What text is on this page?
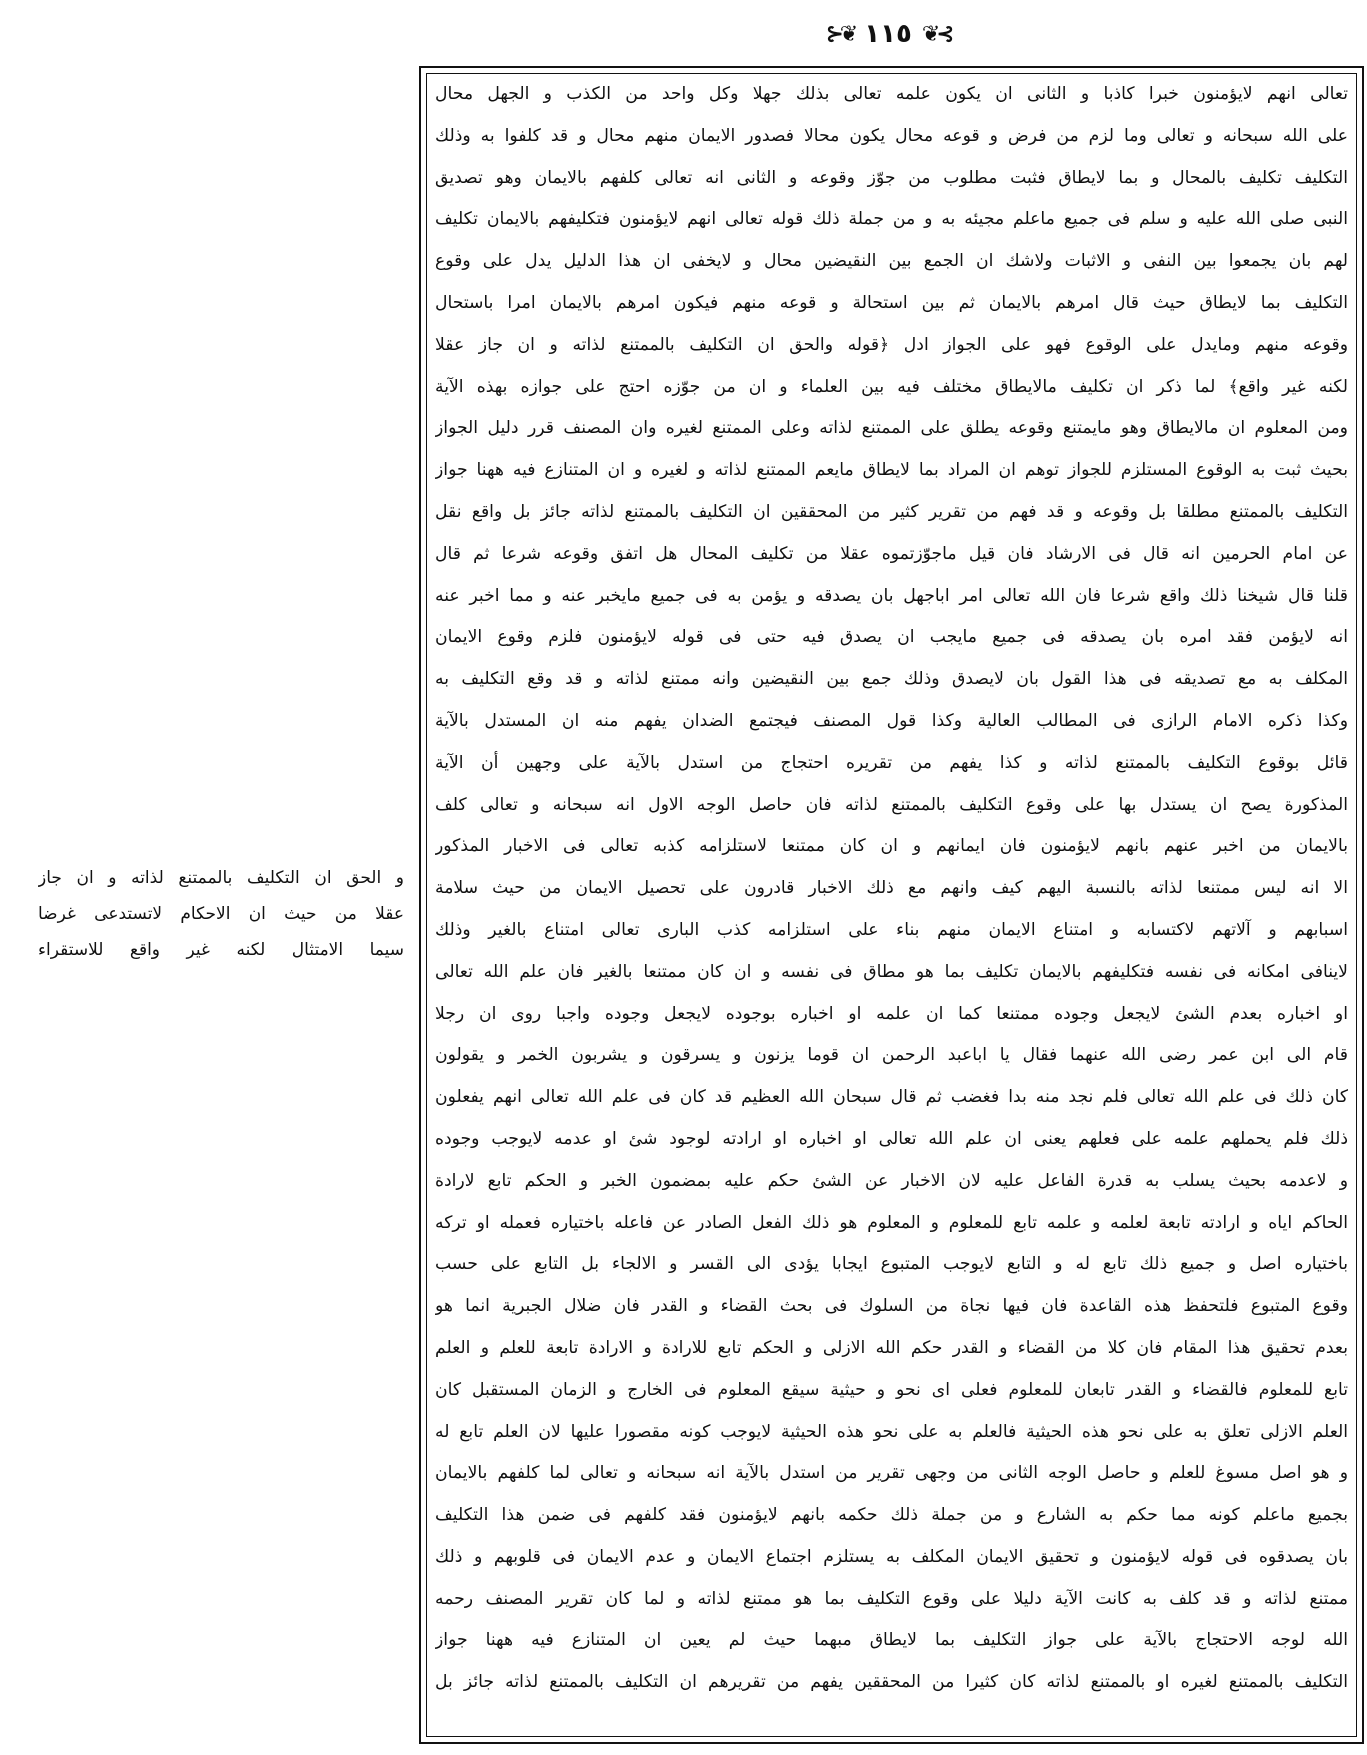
⊱❦
١١٥
❦⊰
تعالى انهم لايؤمنون خبرا كاذبا و الثانى ان يكون علمه تعالى بذلك جهلا وكل واحد من الكذب و الجهل محال
على الله سبحانه و تعالى وما لزم من فرض و قوعه محال يكون محالا فصدور الايمان منهم محال و قد كلفوا به وذلك
التكليف تكليف بالمحال و بما لايطاق فثبت مطلوب من جوّز وقوعه و الثانى انه تعالى كلفهم بالايمان وهو تصديق
النبى صلى الله عليه و سلم فى جميع ماعلم مجيئه به و من جملة ذلك قوله تعالى انهم لايؤمنون فتكليفهم بالايمان تكليف
لهم بان يجمعوا بين النفى و الاثبات ولاشك ان الجمع بين النقيضين محال و لايخفى ان هذا الدليل يدل على وقوع
التكليف بما لايطاق حيث قال امرهم بالايمان ثم بين استحالة و قوعه منهم فيكون امرهم بالايمان امرا باستحال
وقوعه منهم ومايدل على الوقوع فهو على الجواز ادل ﴿قوله والحق ان التكليف بالممتنع لذاته و ان جاز عقلا
لكنه غير واقع﴾ لما ذكر ان تكليف مالايطاق مختلف فيه بين العلماء و ان من جوّزه احتج على جوازه بهذه الآية
ومن المعلوم ان مالايطاق وهو مايمتنع وقوعه يطلق على الممتنع لذاته وعلى الممتنع لغيره وان المصنف قرر دليل الجواز
بحيث ثبت به الوقوع المستلزم للجواز توهم ان المراد بما لايطاق مايعم الممتنع لذاته و لغيره و ان المتنازع فيه ههنا جواز
التكليف بالممتنع مطلقا بل وقوعه و قد فهم من تقرير كثير من المحققين ان التكليف بالممتنع لذاته جائز بل واقع نقل
عن امام الحرمين انه قال فى الارشاد فان قيل ماجوّزتموه عقلا من تكليف المحال هل اتفق وقوعه شرعا ثم قال
قلنا قال شيخنا ذلك واقع شرعا فان الله تعالى امر اباجهل بان يصدقه و يؤمن به فى جميع مايخبر عنه و مما اخبر عنه
انه لايؤمن فقد امره بان يصدقه فى جميع مايجب ان يصدق فيه حتى فى قوله لايؤمنون فلزم وقوع الايمان
المكلف به مع تصديقه فى هذا القول بان لايصدق وذلك جمع بين النقيضين وانه ممتنع لذاته و قد وقع التكليف به
وكذا ذكره الامام الرازى فى المطالب العالية وكذا قول المصنف فيجتمع الضدان يفهم منه ان المستدل بالآية
قائل بوقوع التكليف بالممتنع لذاته و كذا يفهم من تقريره احتجاج من استدل بالآية على وجهين أن الآية
المذكورة يصح ان يستدل بها على وقوع التكليف بالممتنع لذاته فان حاصل الوجه الاول انه سبحانه و تعالى كلف
بالايمان من اخبر عنهم بانهم لايؤمنون فان ايمانهم و ان كان ممتنعا لاستلزامه كذبه تعالى فى الاخبار المذكور
الا انه ليس ممتنعا لذاته بالنسبة اليهم كيف وانهم مع ذلك الاخبار قادرون على تحصيل الايمان من حيث سلامة
اسبابهم و آلاتهم لاكتسابه و امتناع الايمان منهم بناء على استلزامه كذب البارى تعالى امتناع بالغير وذلك
لاينافى امكانه فى نفسه فتكليفهم بالايمان تكليف بما هو مطاق فى نفسه و ان كان ممتنعا بالغير فان علم الله تعالى
او اخباره بعدم الشئ لايجعل وجوده ممتنعا كما ان علمه او اخباره بوجوده لايجعل وجوده واجبا روى ان رجلا
قام الى ابن عمر رضى الله عنهما فقال يا اباعبد الرحمن ان قوما يزنون و يسرقون و يشربون الخمر و يقولون
كان ذلك فى علم الله تعالى فلم نجد منه بدا فغضب ثم قال سبحان الله العظيم قد كان فى علم الله تعالى انهم يفعلون
ذلك فلم يحملهم علمه على فعلهم يعنى ان علم الله تعالى او اخباره او ارادته لوجود شئ او عدمه لايوجب وجوده
و لاعدمه بحيث يسلب به قدرة الفاعل عليه لان الاخبار عن الشئ حكم عليه بمضمون الخبر و الحكم تابع لارادة
الحاكم اياه و ارادته تابعة لعلمه و علمه تابع للمعلوم و المعلوم هو ذلك الفعل الصادر عن فاعله باختياره فعمله او تركه
باختياره اصل و جميع ذلك تابع له و التابع لايوجب المتبوع ايجابا يؤدى الى القسر و الالجاء بل التابع على حسب
وقوع المتبوع فلتحفظ هذه القاعدة فان فيها نجاة من السلوك فى بحث القضاء و القدر فان ضلال الجبرية انما هو
بعدم تحقيق هذا المقام فان كلا من القضاء و القدر حكم الله الازلى و الحكم تابع للارادة و الارادة تابعة للعلم و العلم
تابع للمعلوم فالقضاء و القدر تابعان للمعلوم فعلى اى نحو و حيثية سيقع المعلوم فى الخارج و الزمان المستقبل كان
العلم الازلى تعلق به على نحو هذه الحيثية فالعلم به على نحو هذه الحيثية لايوجب كونه مقصورا عليها لان العلم تابع له
و هو اصل مسوغ للعلم و حاصل الوجه الثانى من وجهى تقرير من استدل بالآية انه سبحانه و تعالى لما كلفهم بالايمان
بجميع ماعلم كونه مما حكم به الشارع و من جملة ذلك حكمه بانهم لايؤمنون فقد كلفهم فى ضمن هذا التكليف
بان يصدقوه فى قوله لايؤمنون و تحقيق الايمان المكلف به يستلزم اجتماع الايمان و عدم الايمان فى قلوبهم و ذلك
ممتنع لذاته و قد كلف به كانت الآية دليلا على وقوع التكليف بما هو ممتنع لذاته و لما كان تقرير المصنف رحمه
الله لوجه الاحتجاج بالآية على جواز التكليف بما لايطاق مبهما حيث لم يعين ان المتنازع فيه ههنا جواز
التكليف بالممتنع لغيره او بالممتنع لذاته كان كثيرا من المحققين يفهم من تقريرهم ان التكليف بالممتنع لذاته جائز بل
و الحق ان التكليف بالممتنع لذاته و ان جاز
عقلا من حيث ان الاحكام لاتستدعى غرضا
سيما الامتثال لكنه غير واقع للاستقراء
